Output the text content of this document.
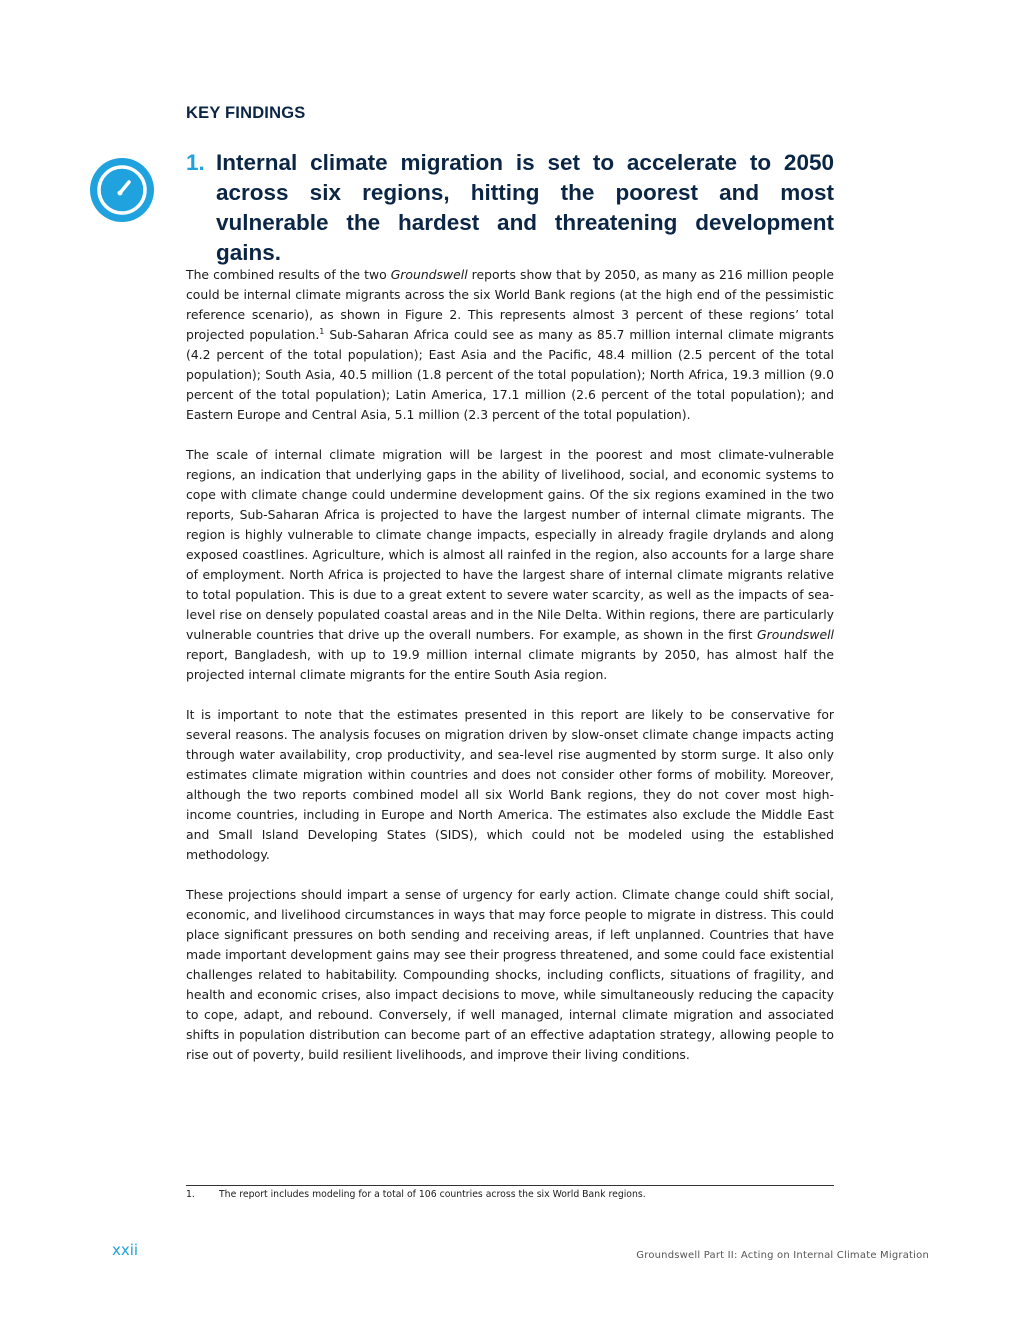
KEY FINDINGS
1. Internal climate migration is set to accelerate to 2050 across six regions, hitting the poorest and most vulnerable the hardest and threatening development gains.

The combined results of the two Groundswell reports show that by 2050, as many as 216 million people could be internal climate migrants across the six World Bank regions (at the high end of the pessimistic reference scenario), as shown in Figure 2. This represents almost 3 percent of these regions’ total projected population.$^1$ Sub-Saharan Africa could see as many as 85.7 million internal climate migrants (4.2 percent of the total population); East Asia and the Pacific, 48.4 million (2.5 percent of the total population); South Asia, 40.5 million (1.8 percent of the total population); North Africa, 19.3 million (9.0 percent of the total population); Latin America, 17.1 million (2.6 percent of the total population); and Eastern Europe and Central Asia, 5.1 million (2.3 percent of the total population).

The scale of internal climate migration will be largest in the poorest and most climate-vulnerable regions, an indication that underlying gaps in the ability of livelihood, social, and economic systems to cope with climate change could undermine development gains. Of the six regions examined in the two reports, Sub-Saharan Africa is projected to have the largest number of internal climate migrants. The region is highly vulnerable to climate change impacts, especially in already fragile drylands and along exposed coastlines. Agriculture, which is almost all rainfed in the region, also accounts for a large share of employment. North Africa is projected to have the largest share of internal climate migrants relative to total population. This is due to a great extent to severe water scarcity, as well as the impacts of sea-level rise on densely populated coastal areas and in the Nile Delta. Within regions, there are particularly vulnerable countries that drive up the overall numbers. For example, as shown in the first Groundswell report, Bangladesh, with up to 19.9 million internal climate migrants by 2050, has almost half the projected internal climate migrants for the entire South Asia region.

It is important to note that the estimates presented in this report are likely to be conservative for several reasons. The analysis focuses on migration driven by slow-onset climate change impacts acting through water availability, crop productivity, and sea-level rise augmented by storm surge. It also only estimates climate migration within countries and does not consider other forms of mobility. Moreover, although the two reports combined model all six World Bank regions, they do not cover most high-income countries, including in Europe and North America. The estimates also exclude the Middle East and Small Island Developing States (SIDS), which could not be modeled using the established methodology.

These projections should impart a sense of urgency for early action. Climate change could shift social, economic, and livelihood circumstances in ways that may force people to migrate in distress. This could place significant pressures on both sending and receiving areas, if left unplanned. Countries that have made important development gains may see their progress threatened, and some could face existential challenges related to habitability. Compounding shocks, including conflicts, situations of fragility, and health and economic crises, also impact decisions to move, while simultaneously reducing the capacity to cope, adapt, and rebound. Conversely, if well managed, internal climate migration and associated shifts in population distribution can become part of an effective adaptation strategy, allowing people to rise out of poverty, build resilient livelihoods, and improve their living conditions.

1.	The report includes modeling for a total of 106 countries across the six World Bank regions.
xxii	Groundswell Part II: Acting on Internal Climate Migration
